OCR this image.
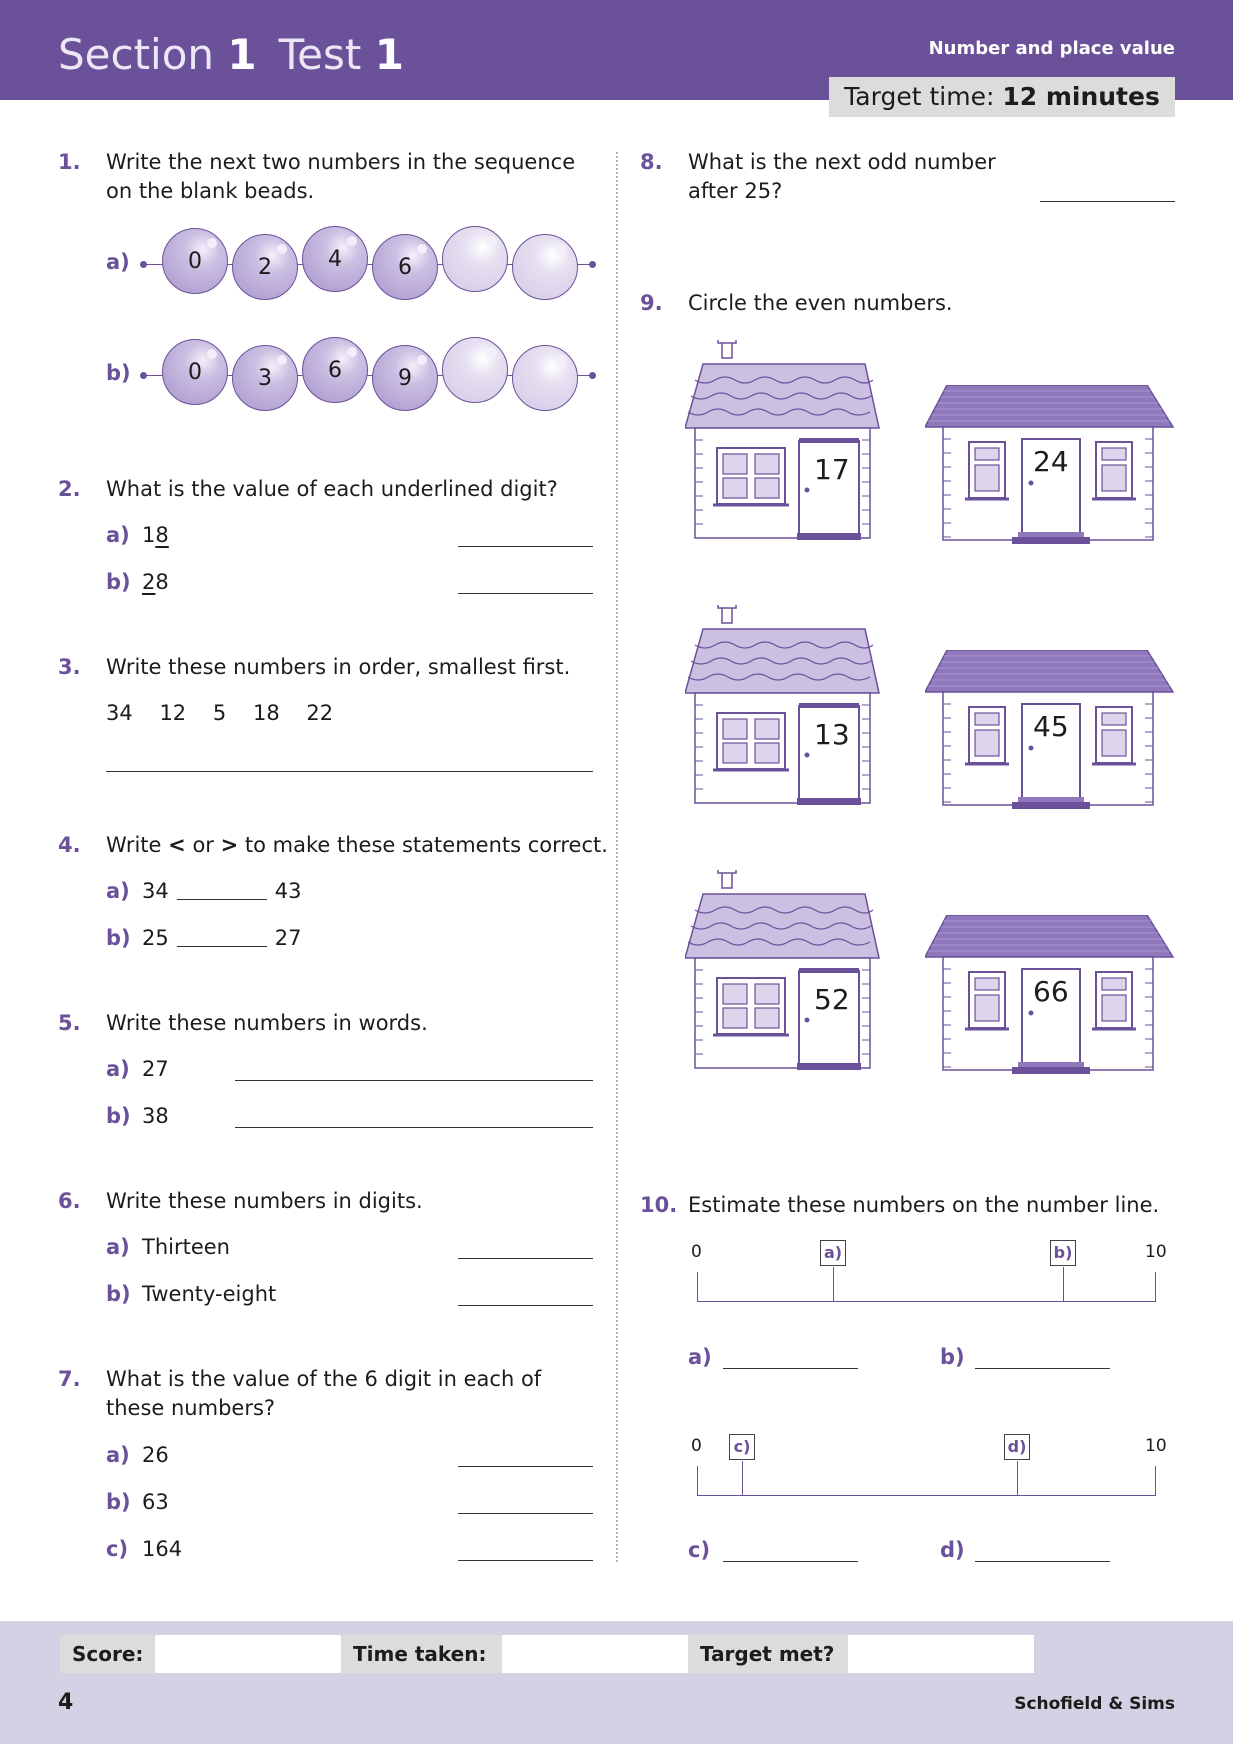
Section 1 Test 1	Number and place value
Target time: 12 minutes
1. Write the next two numbers in the sequence
on the blank beads.
a)	0	2	4	6
b)	0	3	6	9
2. What is the value of each underlined digit?
a) 18
b) 28
3. Write these numbers in order, smallest first.
34 12 5 18 22
4. Write < or > to make these statements correct.
a) 34	43
b) 25	27
5. Write these numbers in words.
a) 27
b) 38
6. Write these numbers in digits.
a) Thirteen
b) Twenty-eight
7. What is the value of the 6 digit in each of
these numbers?
a) 26
b) 63
c) 164
8. What is the next odd number
after 25?
9. Circle the even numbers.
17	24
13	45
52	66
10. Estimate these numbers on the number line.
0	10
a)	b)
a)	b)
0	10
c)	d)
c)	d)
Score:	Time taken:	Target met?
4	Schofield & Sims
